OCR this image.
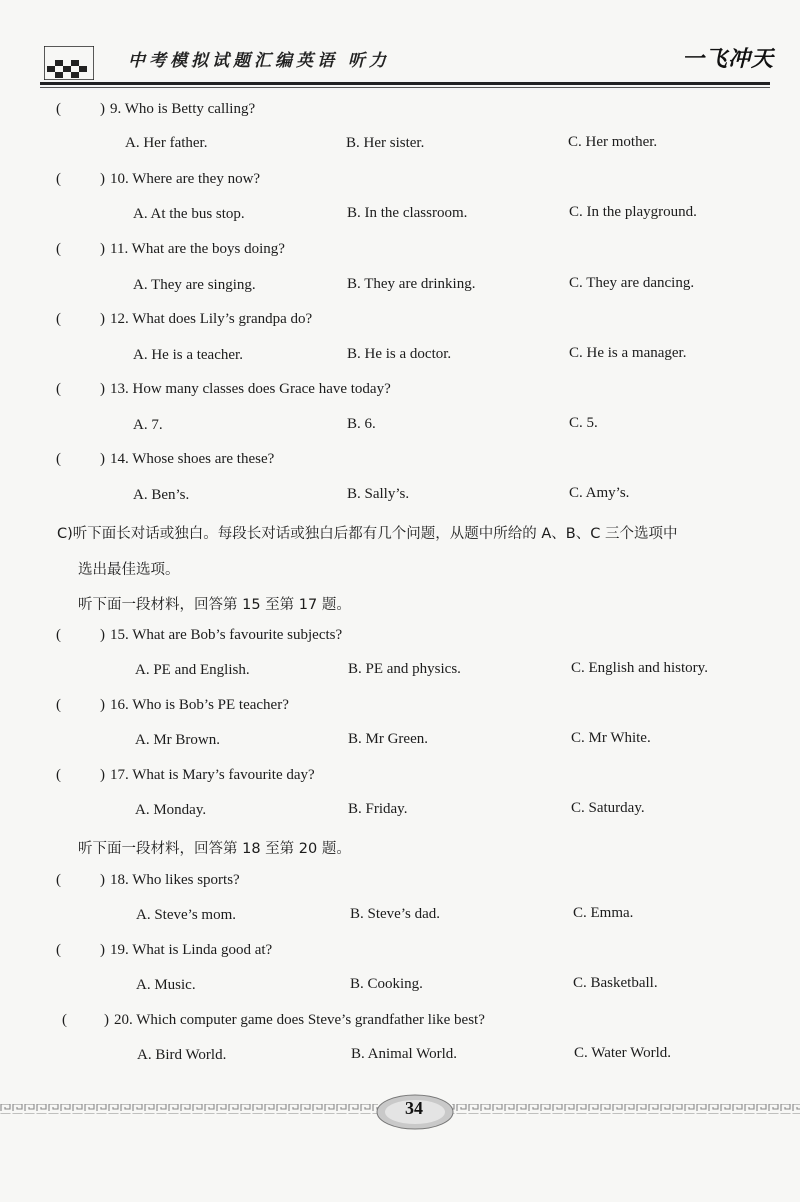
中考模拟试题汇编英语 听力	一飞冲天
(	) 9. Who is Betty calling?
A. Her father.	B. Her sister.	C. Her mother.
(	) 10. Where are they now?
A. At the bus stop.	B. In the classroom.	C. In the playground.
(	) 11. What are the boys doing?
A. They are singing.	B. They are drinking.	C. They are dancing.
(	) 12. What does Lily’s grandpa do?
A. He is a teacher.	B. He is a doctor.	C. He is a manager.
(	) 13. How many classes does Grace have today?
A. 7.	B. 6.	C. 5.
(	) 14. Whose shoes are these?
A. Ben’s.	B. Sally’s.	C. Amy’s.
C)听下面长对话或独白。每段长对话或独白后都有几个问题，从题中所给的 A、B、C 三个选项中
选出最佳选项。
听下面一段材料，回答第 15 至第 17 题。
(	) 15. What are Bob’s favourite subjects?
A. PE and English.	B. PE and physics.	C. English and history.
(	) 16. Who is Bob’s PE teacher?
A. Mr Brown.	B. Mr Green.	C. Mr White.
(	) 17. What is Mary’s favourite day?
A. Monday.	B. Friday.	C. Saturday.
听下面一段材料，回答第 18 至第 20 题。
(	) 18. Who likes sports?
A. Steve’s mom.	B. Steve’s dad.	C. Emma.
(	) 19. What is Linda good at?
A. Music.	B. Cooking.	C. Basketball.
( ) 20. Which computer game does Steve’s grandfather like best?
A. Bird World.	B. Animal World.	C. Water World.
34
